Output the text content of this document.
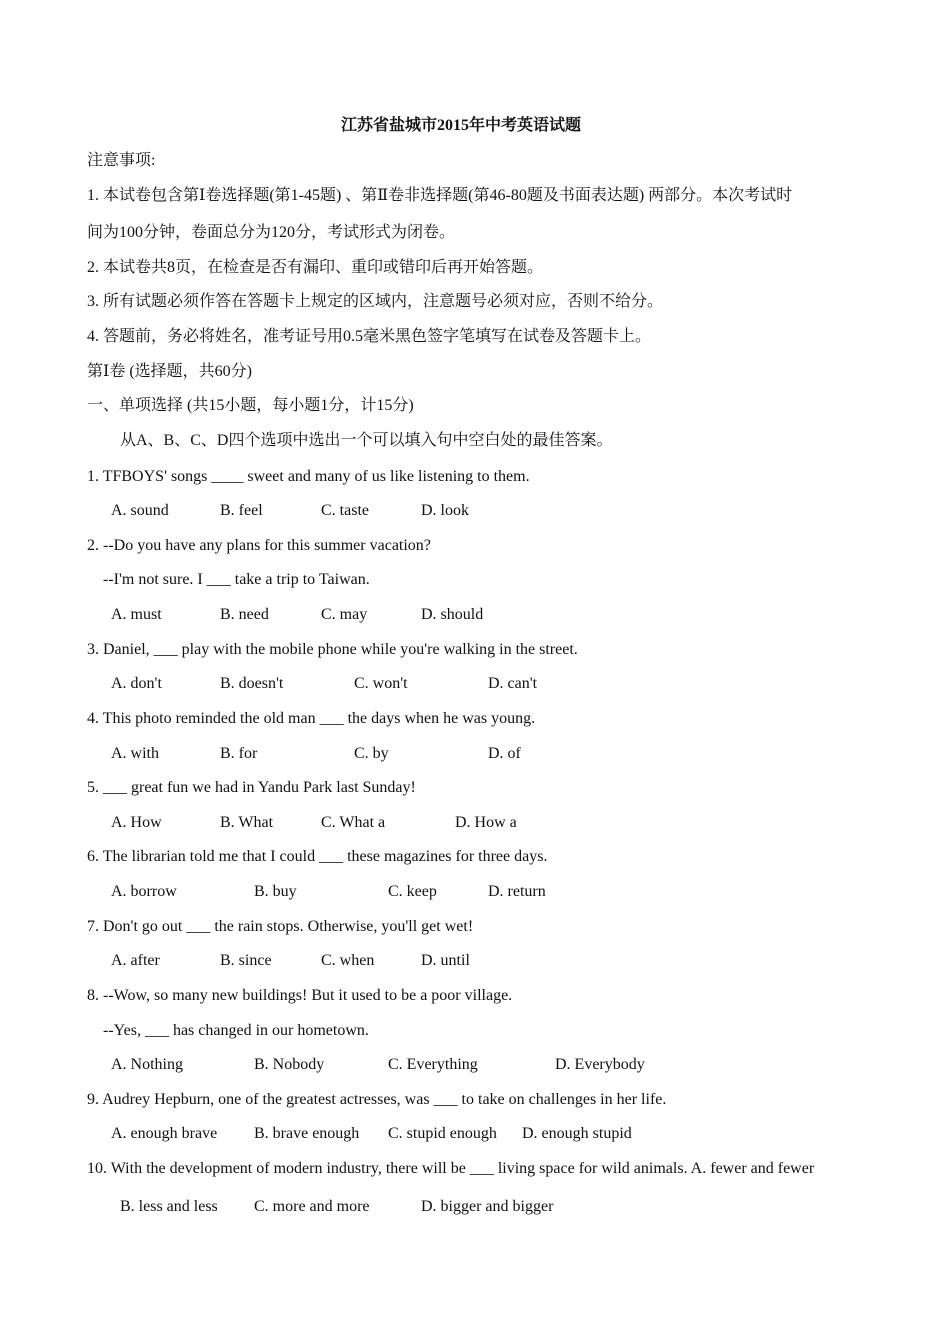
江苏省盐城市2015年中考英语试题
注意事项:
1. 本试卷包含第Ⅰ卷选择题(第1-45题) 、第Ⅱ卷非选择题(第46-80题及书面表达题) 两部分。本次考试时
间为100分钟，卷面总分为120分，考试形式为闭卷。
2. 本试卷共8页，在检查是否有漏印、重印或错印后再开始答题。
3. 所有试题必须作答在答题卡上规定的区域内，注意题号必须对应，否则不给分。
4. 答题前，务必将姓名，准考证号用0.5毫米黑色签字笔填写在试卷及答题卡上。
第Ⅰ卷 (选择题，共60分)
一、单项选择 (共15小题，每小题1分，计15分)
从A、B、C、D四个选项中选出一个可以填入句中空白处的最佳答案。
1. TFBOYS' songs ____ sweet and many of us like listening to them.
A. sound	B. feel	C. taste	D. look
2. --Do you have any plans for this summer vacation?
--I'm not sure. I ___ take a trip to Taiwan.
A. must	B. need	C. may	D. should
3. Daniel, ___ play with the mobile phone while you're walking in the street.
A. don't	B. doesn't	C. won't	D. can't
4. This photo reminded the old man ___ the days when he was young.
A. with	B. for	C. by	D. of
5. ___ great fun we had in Yandu Park last Sunday!
A. How	B. What	C. What a	D. How a
6. The librarian told me that I could ___ these magazines for three days.
A. borrow	B. buy	C. keep	D. return
7. Don't go out ___ the rain stops. Otherwise, you'll get wet!
A. after	B. since	C. when	D. until
8. --Wow, so many new buildings! But it used to be a poor village.
--Yes, ___ has changed in our hometown.
A. Nothing	B. Nobody	C. Everything	D. Everybody
9. Audrey Hepburn, one of the greatest actresses, was ___ to take on challenges in her life.
A. enough brave B. brave enough C. stupid enough D. enough stupid
10. With the development of modern industry, there will be ___ living space for wild animals. A. fewer and fewer
B. less and less C. more and more	D. bigger and bigger
